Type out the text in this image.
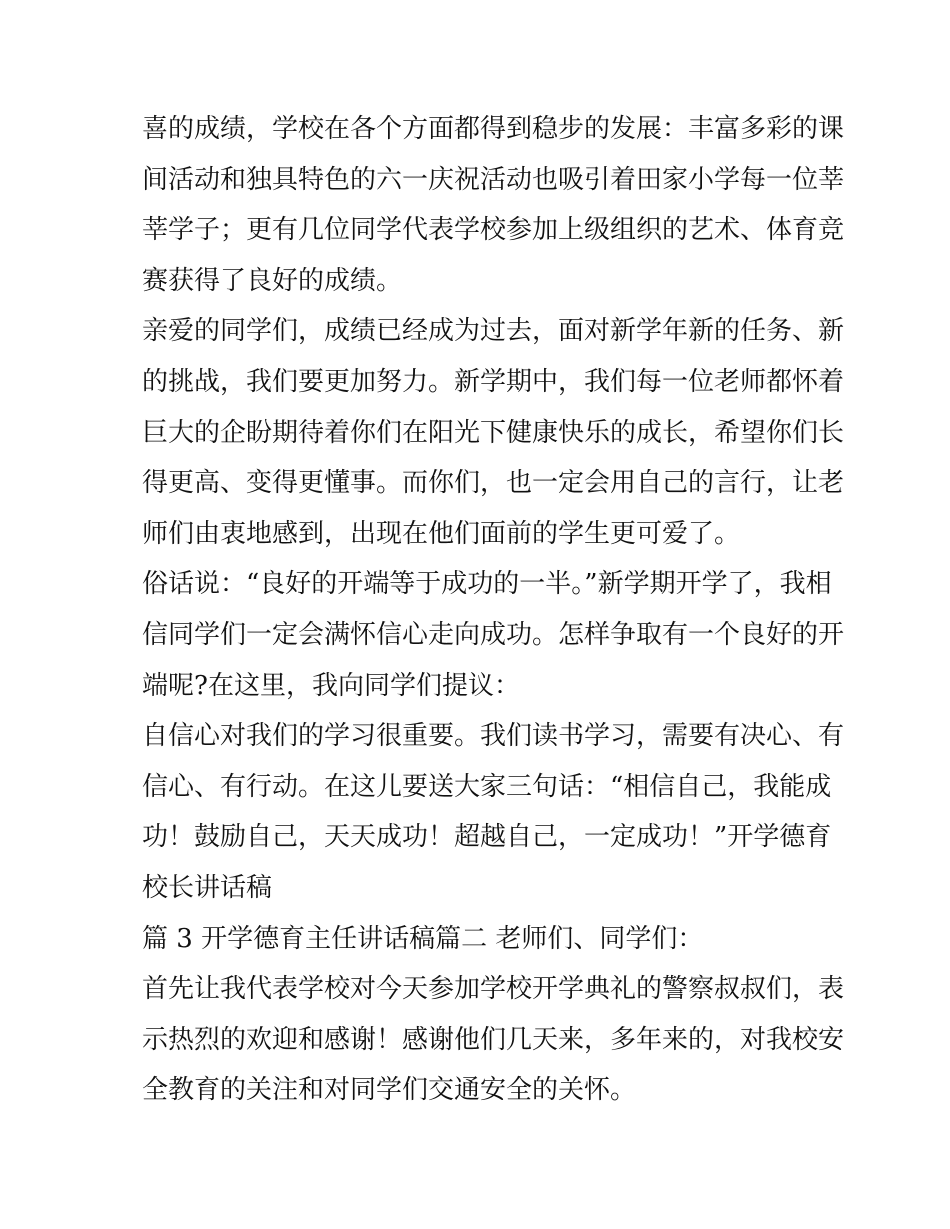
喜的成绩，学校在各个方面都得到稳步的发展：丰富多彩的课
间活动和独具特色的六一庆祝活动也吸引着田家小学每一位莘
莘学子；更有几位同学代表学校参加上级组织的艺术、体育竞
赛获得了良好的成绩。
亲爱的同学们，成绩已经成为过去，面对新学年新的任务、新
的挑战，我们要更加努力。新学期中，我们每一位老师都怀着
巨大的企盼期待着你们在阳光下健康快乐的成长，希望你们长
得更高、变得更懂事。而你们，也一定会用自己的言行，让老
师们由衷地感到，出现在他们面前的学生更可爱了。
俗话说：“良好的开端等于成功的一半。”新学期开学了，我相
信同学们一定会满怀信心走向成功。怎样争取有一个良好的开
端呢?在这里，我向同学们提议：
自信心对我们的学习很重要。我们读书学习，需要有决心、有
信心、有行动。在这儿要送大家三句话：“相信自己，我能成
功！鼓励自己，天天成功！超越自己，一定成功！”开学德育
校长讲话稿
篇 3 开学德育主任讲话稿篇二 老师们、同学们：
首先让我代表学校对今天参加学校开学典礼的警察叔叔们，表
示热烈的欢迎和感谢！感谢他们几天来，多年来的，对我校安
全教育的关注和对同学们交通安全的关怀。
